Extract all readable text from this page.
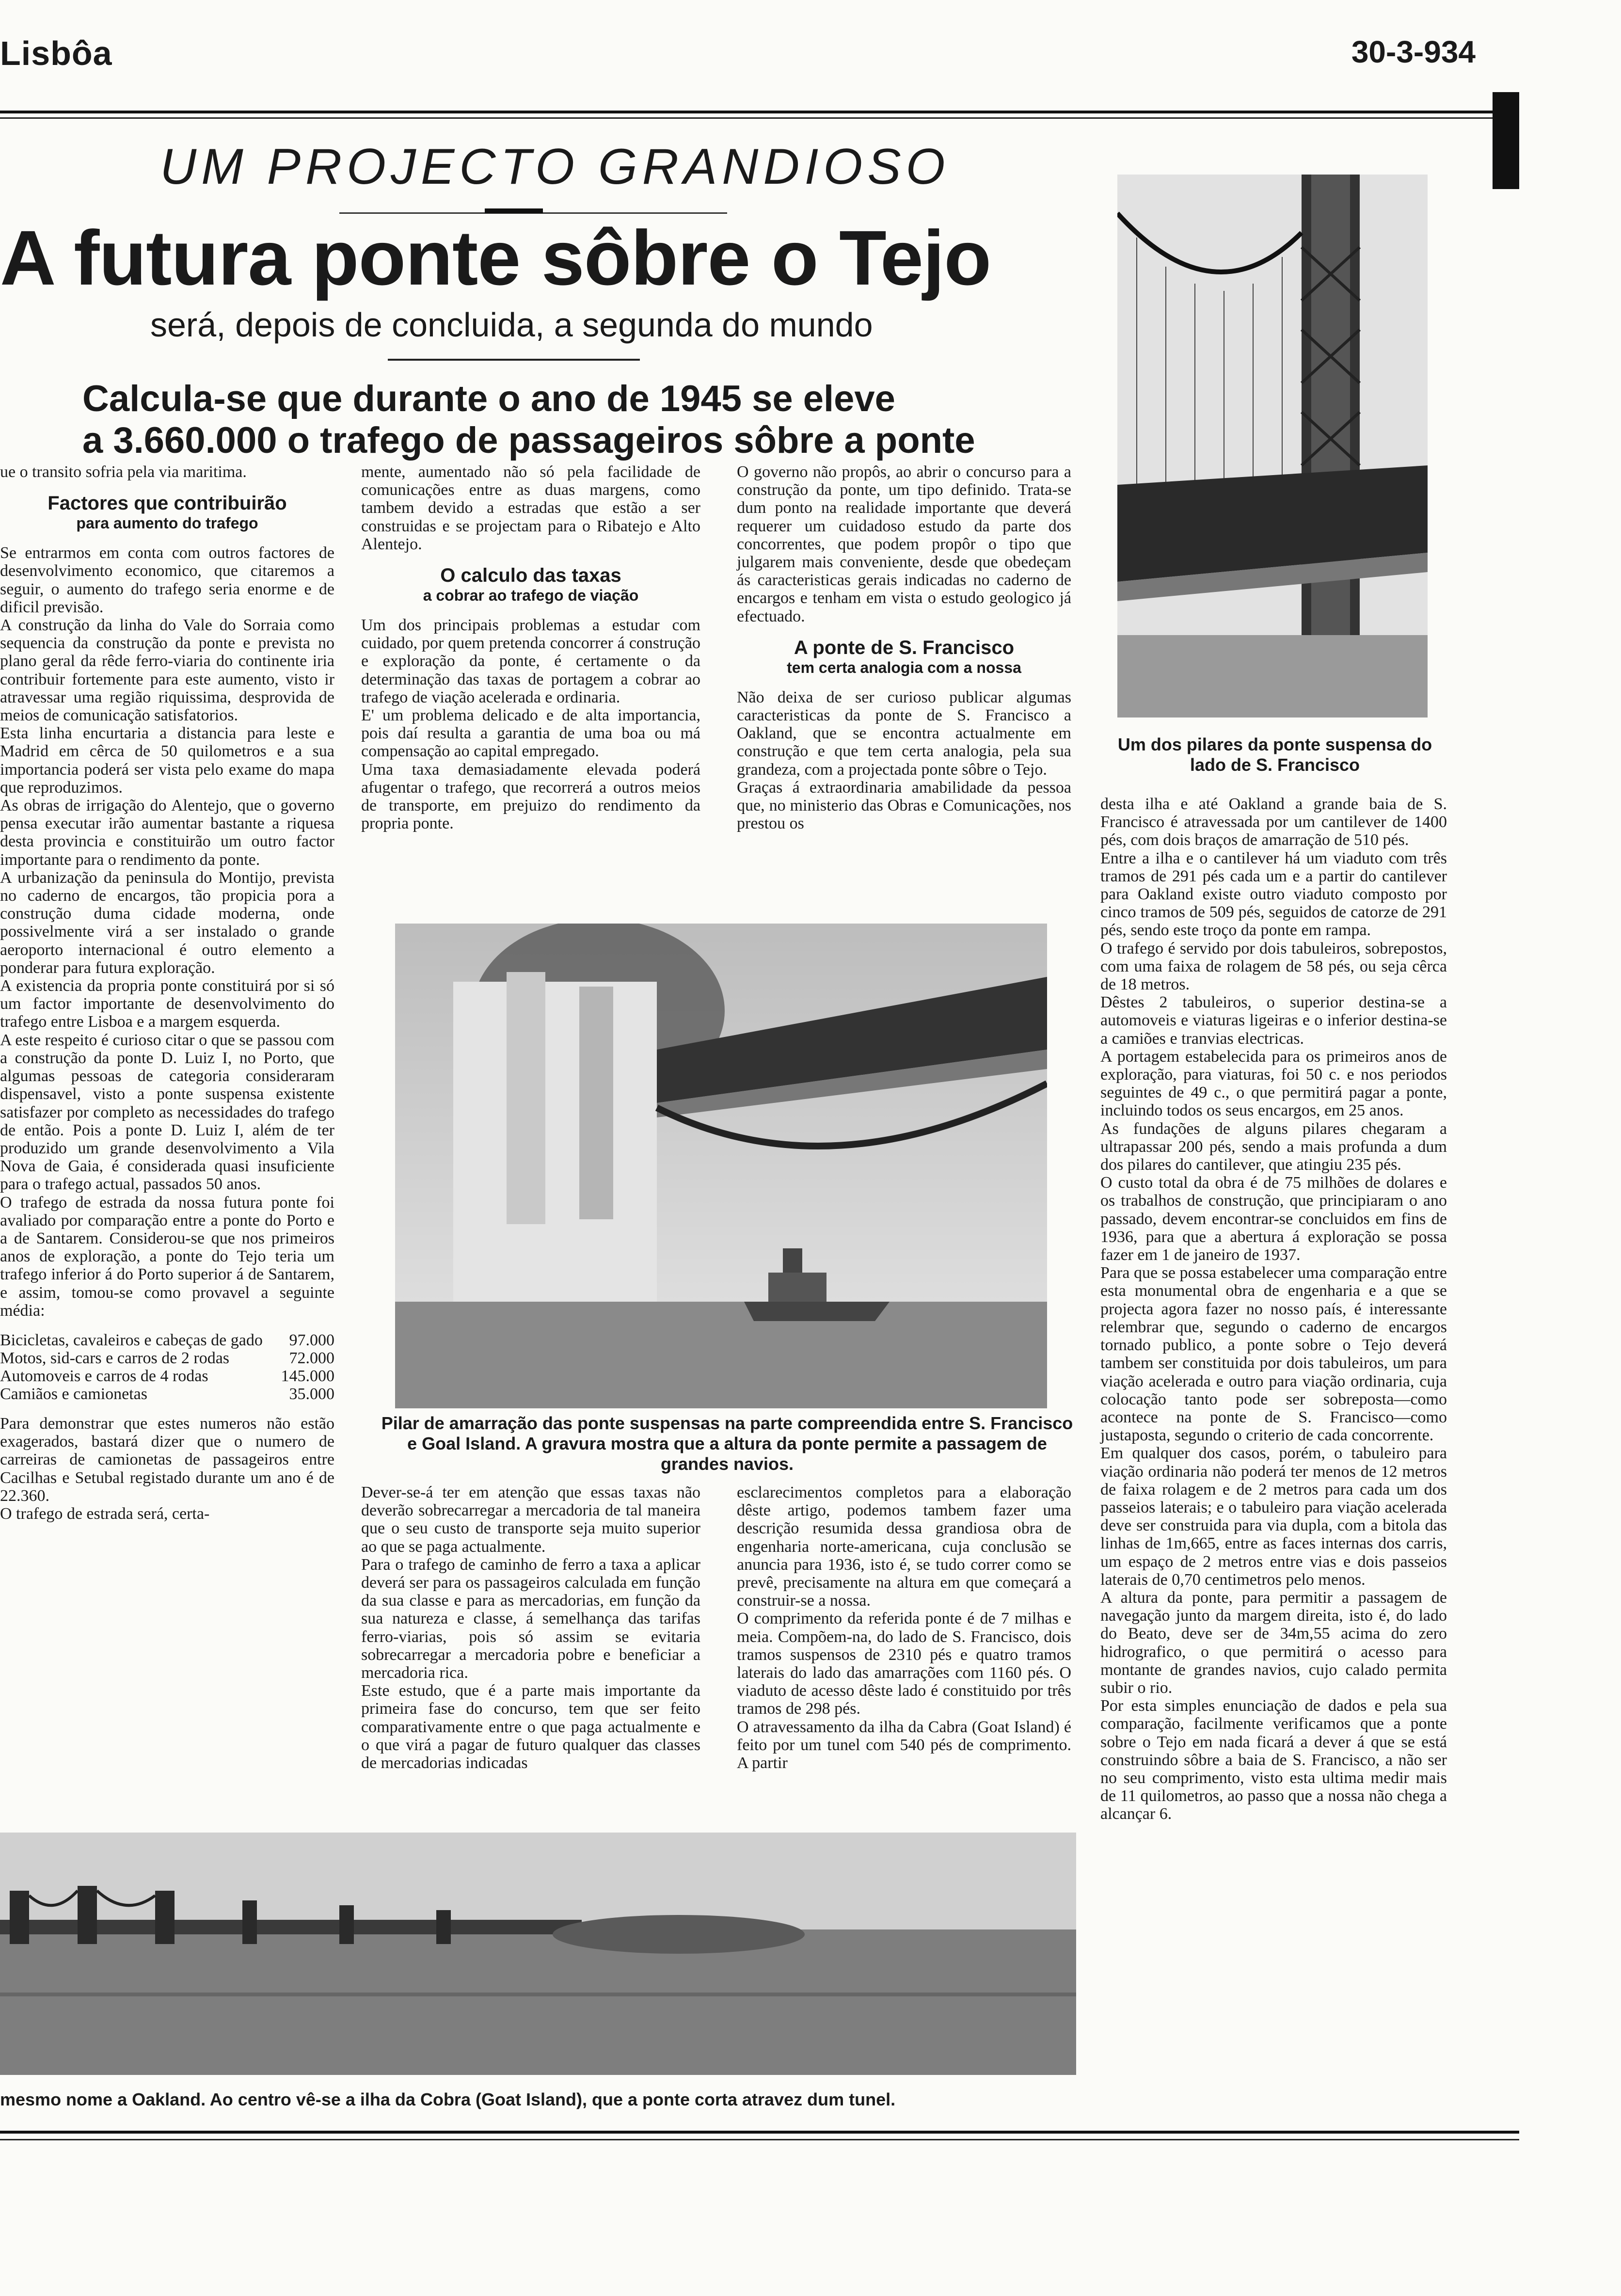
Lisbôa	30-3-934
UM PROJECTO GRANDIOSO
A futura ponte sôbre o Tejo
será, depois de concluida, a segunda do mundo
Calcula-se que durante o ano de 1945 se eleve
a 3.660.000 o trafego de passageiros sôbre a ponte

ue o transito sofria pela via maritima.

Factores que contribuirão

para aumento do trafego

Se entrarmos em conta com outros factores de desenvolvimento economico, que citaremos a seguir, o aumento do trafego seria enorme e de dificil previsão.

A construção da linha do Vale do Sorraia como sequencia da construção da ponte e prevista no plano geral da rêde ferro-viaria do continente iria contribuir fortemente para este aumento, visto ir atravessar uma região riquissima, desprovida de meios de comunicação satisfatorios.

Esta linha encurtaria a distancia para leste e Madrid em cêrca de 50 quilometros e a sua importancia poderá ser vista pelo exame do mapa que reproduzimos.

As obras de irrigação do Alentejo, que o governo pensa executar irão aumentar bastante a riquesa desta provincia e constituirão um outro factor importante para o rendimento da ponte.

A urbanização da peninsula do Montijo, prevista no caderno de encargos, tão propicia pora a construção duma cidade moderna, onde possivelmente virá a ser instalado o grande aeroporto internacional é outro elemento a ponderar para futura exploração.

A existencia da propria ponte constituirá por si só um factor importante de desenvolvimento do trafego entre Lisboa e a margem esquerda.

A este respeito é curioso citar o que se passou com a construção da ponte D. Luiz I, no Porto, que algumas pessoas de categoria consideraram dispensavel, visto a ponte suspensa existente satisfazer por completo as necessidades do trafego de então. Pois a ponte D. Luiz I, além de ter produzido um grande desenvolvimento a Vila Nova de Gaia, é considerada quasi insuficiente para o trafego actual, passados 50 anos.

O trafego de estrada da nossa futura ponte foi avaliado por comparação entre a ponte do Porto e a de Santarem. Considerou-se que nos primeiros anos de exploração, a ponte do Tejo teria um trafego inferior á do Porto superior á de Santarem, e assim, tomou-se como provavel a seguinte média:

Bicicletas, cavaleiros e cabeças de gado	97.000
Motos, sid-cars e carros de 2 rodas	72.000
Automoveis e carros de 4 rodas	145.000
Camiãos e camionetas	35.000

Para demonstrar que estes numeros não estão exagerados, bastará dizer que o numero de carreiras de camionetas de passageiros entre Cacilhas e Setubal registado durante um ano é de 22.360.

O trafego de estrada será, certa-

mente, aumentado não só pela facilidade de comunicações entre as duas margens, como tambem devido a estradas que estão a ser construidas e se projectam para o Ribatejo e Alto Alentejo.

O calculo das taxas

a cobrar ao trafego de viação

Um dos principais problemas a estudar com cuidado, por quem pretenda concorrer á construção e exploração da ponte, é certamente o da determinação das taxas de portagem a cobrar ao trafego de viação acelerada e ordinaria.

E' um problema delicado e de alta importancia, pois daí resulta a garantia de uma boa ou má compensação ao capital empregado.

Uma taxa demasiadamente elevada poderá afugentar o trafego, que recorrerá a outros meios de transporte, em prejuizo do rendimento da propria ponte.

O governo não propôs, ao abrir o concurso para a construção da ponte, um tipo definido. Trata-se dum ponto na realidade importante que deverá requerer um cuidadoso estudo da parte dos concorrentes, que podem propôr o tipo que julgarem mais conveniente, desde que obedeçam ás caracteristicas gerais indicadas no caderno de encargos e tenham em vista o estudo geologico já efectuado.

A ponte de S. Francisco

tem certa analogia com a nossa

Não deixa de ser curioso publicar algumas caracteristicas da ponte de S. Francisco a Oakland, que se encontra actualmente em construção e que tem certa analogia, pela sua grandeza, com a projectada ponte sôbre o Tejo.

Graças á extraordinaria amabilidade da pessoa que, no ministerio das Obras e Comunicações, nos prestou os

Pilar de amarração das ponte suspensas na parte compreendida entre S. Francisco e Goal Island. A gravura mostra que a altura da ponte permite a passagem de grandes navios.

Dever-se-á ter em atenção que essas taxas não deverão sobrecarregar a mercadoria de tal maneira que o seu custo de transporte seja muito superior ao que se paga actualmente.

Para o trafego de caminho de ferro a taxa a aplicar deverá ser para os passageiros calculada em função da sua classe e para as mercadorias, em função da sua natureza e classe, á semelhança das tarifas ferro-viarias, pois só assim se evitaria sobrecarregar a mercadoria pobre e beneficiar a mercadoria rica.

Este estudo, que é a parte mais importante da primeira fase do concurso, tem que ser feito comparativamente entre o que paga actualmente e o que virá a pagar de futuro qualquer das classes de mercadorias indicadas

esclarecimentos completos para a elaboração dêste artigo, podemos tambem fazer uma descrição resumida dessa grandiosa obra de engenharia norte-americana, cuja conclusão se anuncia para 1936, isto é, se tudo correr como se prevê, precisamente na altura em que começará a construir-se a nossa.

O comprimento da referida ponte é de 7 milhas e meia. Compõem-na, do lado de S. Francisco, dois tramos suspensos de 2310 pés e quatro tramos laterais do lado das amarrações com 1160 pés. O viaduto de acesso dêste lado é constituido por três tramos de 298 pés.

O atravessamento da ilha da Cabra (Goat Island) é feito por um tunel com 540 pés de comprimento. A partir

Um dos pilares da ponte suspensa do lado de S. Francisco

desta ilha e até Oakland a grande baia de S. Francisco é atravessada por um cantilever de 1400 pés, com dois braços de amarração de 510 pés.

Entre a ilha e o cantilever há um viaduto com três tramos de 291 pés cada um e a partir do cantilever para Oakland existe outro viaduto composto por cinco tramos de 509 pés, seguidos de catorze de 291 pés, sendo este troço da ponte em rampa.

O trafego é servido por dois tabuleiros, sobrepostos, com uma faixa de rolagem de 58 pés, ou seja cêrca de 18 metros.

Dêstes 2 tabuleiros, o superior destina-se a automoveis e viaturas ligeiras e o inferior destina-se a camiões e tranvias electricas.

A portagem estabelecida para os primeiros anos de exploração, para viaturas, foi 50 c. e nos periodos seguintes de 49 c., o que permitirá pagar a ponte, incluindo todos os seus encargos, em 25 anos.

As fundações de alguns pilares chegaram a ultrapassar 200 pés, sendo a mais profunda a dum dos pilares do cantilever, que atingiu 235 pés.

O custo total da obra é de 75 milhões de dolares e os trabalhos de construção, que principiaram o ano passado, devem encontrar-se concluidos em fins de 1936, para que a abertura á exploração se possa fazer em 1 de janeiro de 1937.

Para que se possa estabelecer uma comparação entre esta monumental obra de engenharia e a que se projecta agora fazer no nosso país, é interessante relembrar que, segundo o caderno de encargos tornado publico, a ponte sobre o Tejo deverá tambem ser constituida por dois tabuleiros, um para viação acelerada e outro para viação ordinaria, cuja colocação tanto pode ser sobreposta—como acontece na ponte de S. Francisco—como justaposta, segundo o criterio de cada concorrente.

Em qualquer dos casos, porém, o tabuleiro para viação ordinaria não poderá ter menos de 12 metros de faixa rolagem e de 2 metros para cada um dos passeios laterais; e o tabuleiro para viação acelerada deve ser construida para via dupla, com a bitola das linhas de 1m,665, entre as faces internas dos carris, um espaço de 2 metros entre vias e dois passeios laterais de 0,70 centimetros pelo menos.

A altura da ponte, para permitir a passagem de navegação junto da margem direita, isto é, do lado do Beato, deve ser de 34m,55 acima do zero hidrografico, o que permitirá o acesso para montante de grandes navios, cujo calado permita subir o rio.

Por esta simples enunciação de dados e pela sua comparação, facilmente verificamos que a ponte sobre o Tejo em nada ficará a dever á que se está construindo sôbre a baia de S. Francisco, a não ser no seu comprimento, visto esta ultima medir mais de 11 quilometros, ao passo que a nossa não chega a alcançar 6.

mesmo nome a Oakland. Ao centro vê-se a ilha da Cobra (Goat Island), que a ponte corta atravez dum tunel.
